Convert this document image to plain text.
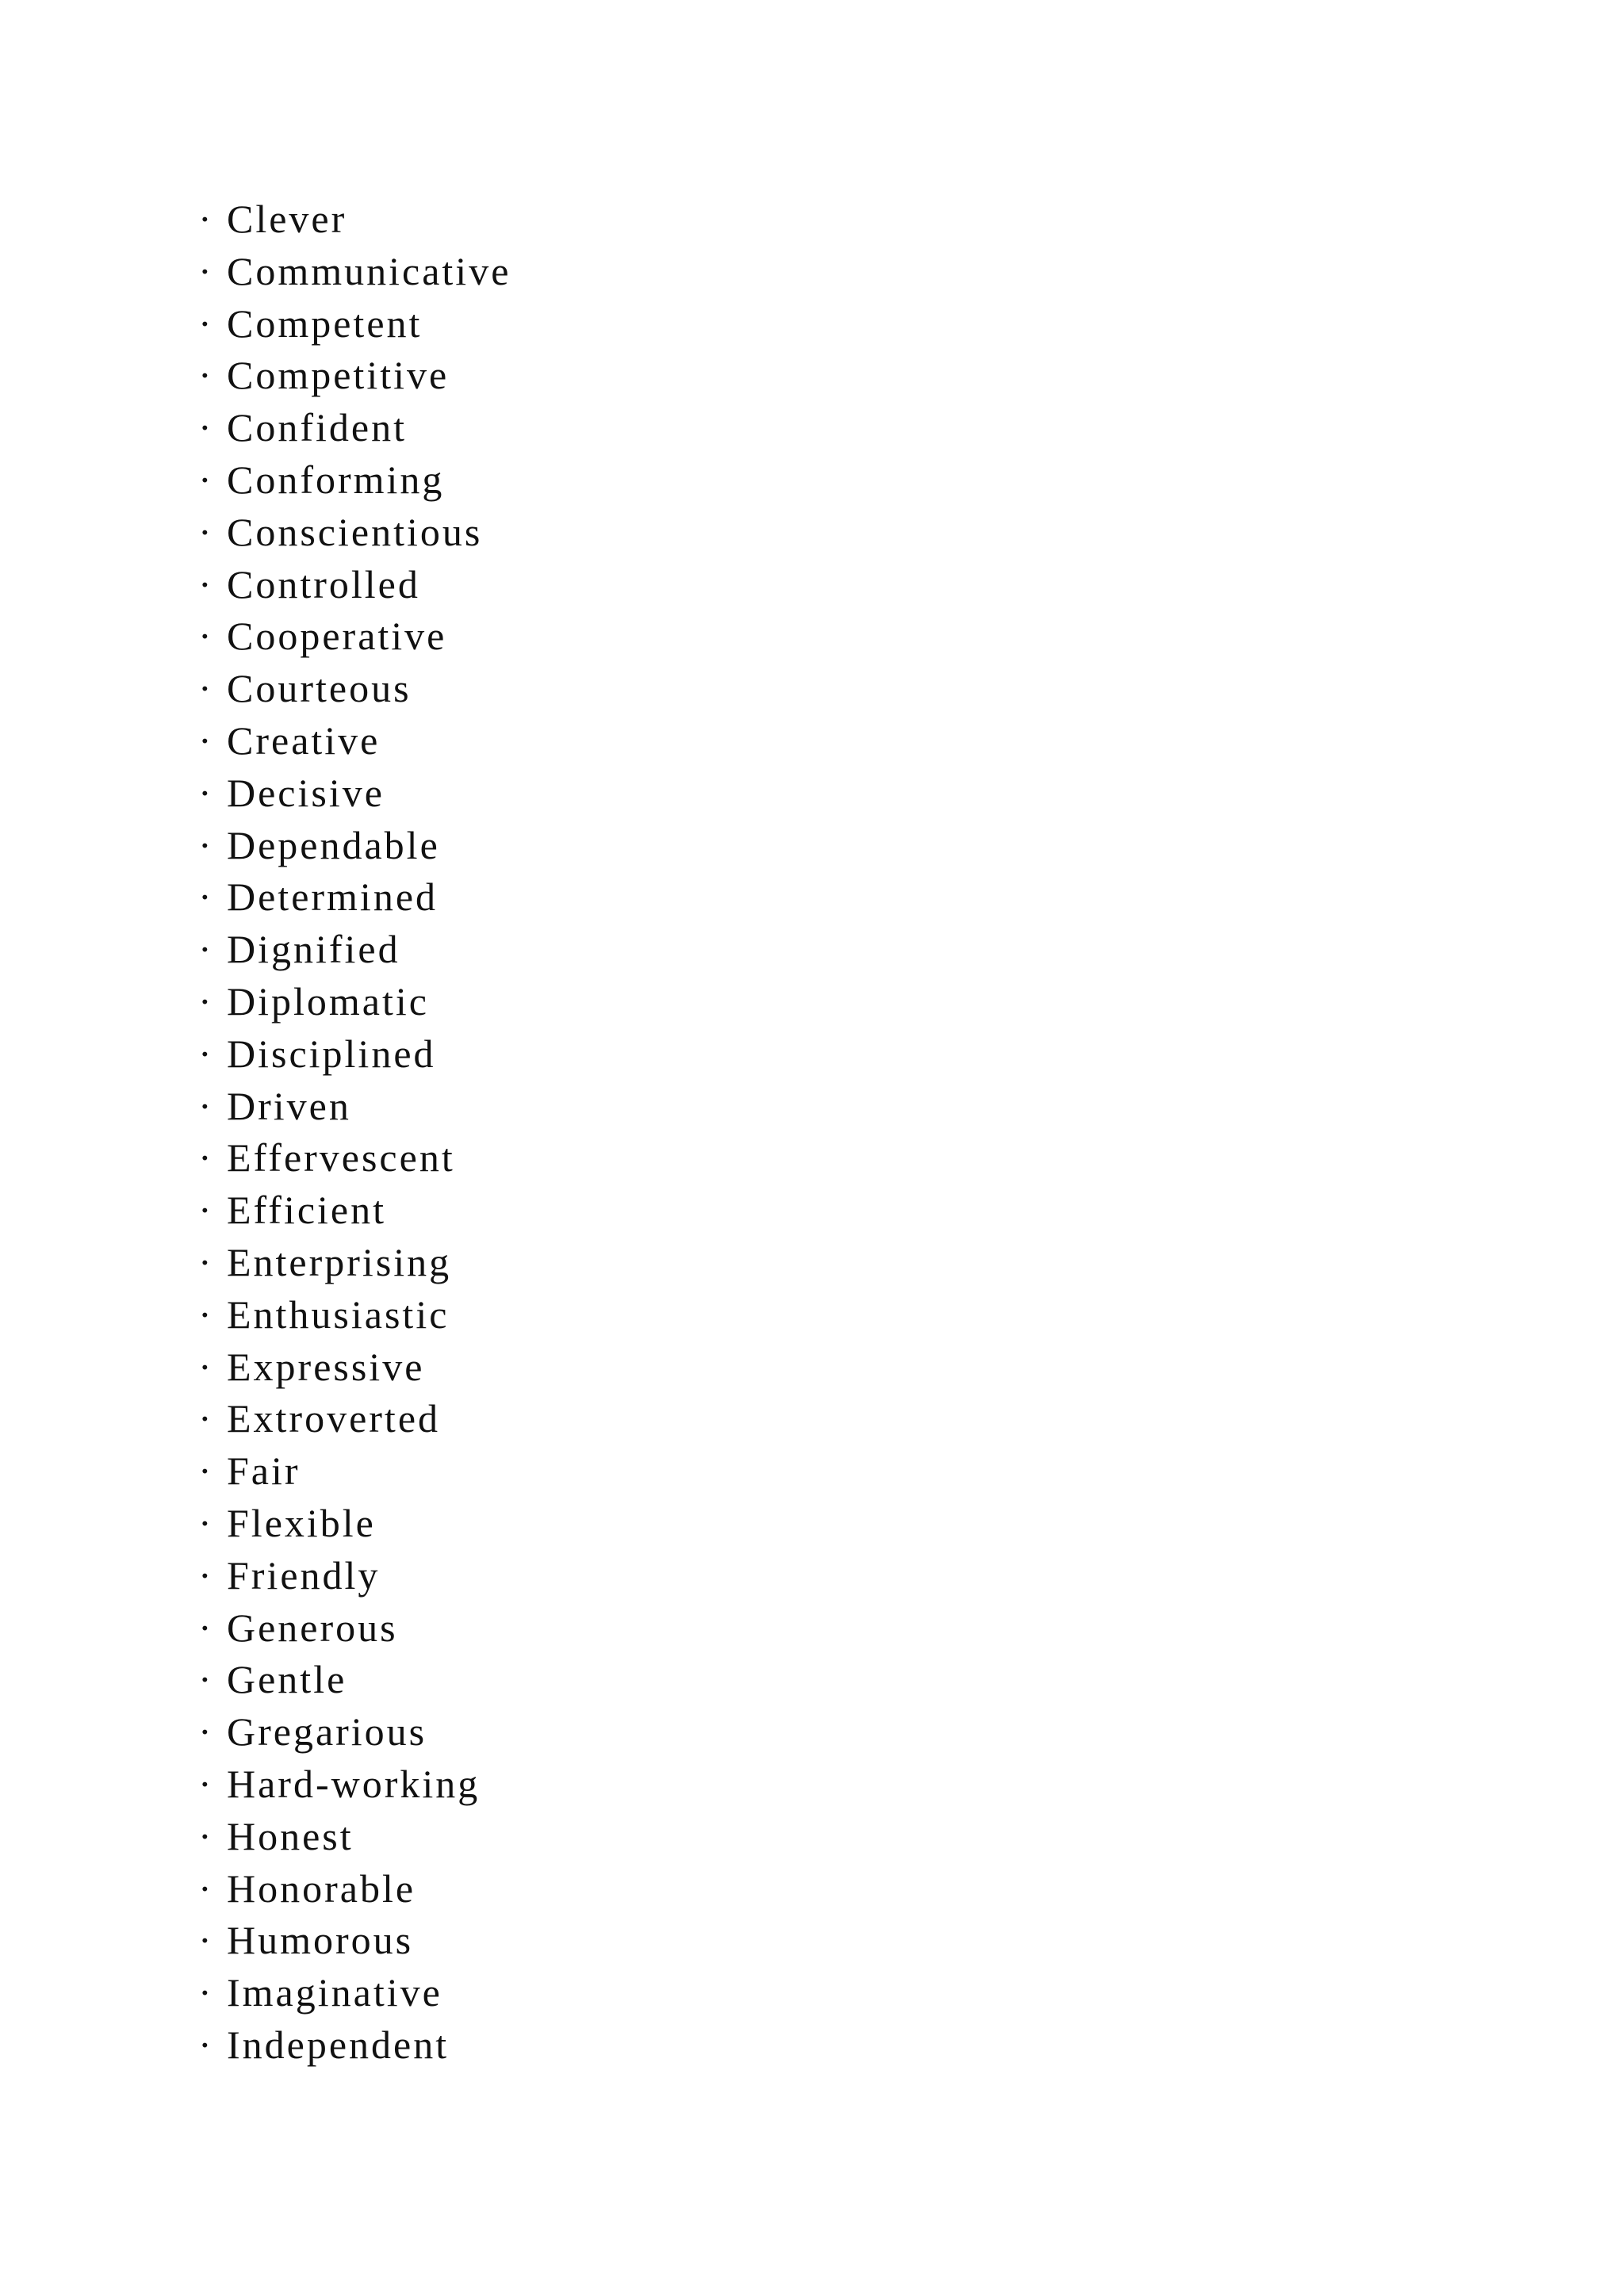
· Clever
· Communicative
· Competent
· Competitive
· Confident
· Conforming
· Conscientious
· Controlled
· Cooperative
· Courteous
· Creative
· Decisive
· Dependable
· Determined
· Dignified
· Diplomatic
· Disciplined
· Driven
· Effervescent
· Efficient
· Enterprising
· Enthusiastic
· Expressive
· Extroverted
· Fair
· Flexible
· Friendly
· Generous
· Gentle
· Gregarious
· Hard-working
· Honest
· Honorable
· Humorous
· Imaginative
· Independent
